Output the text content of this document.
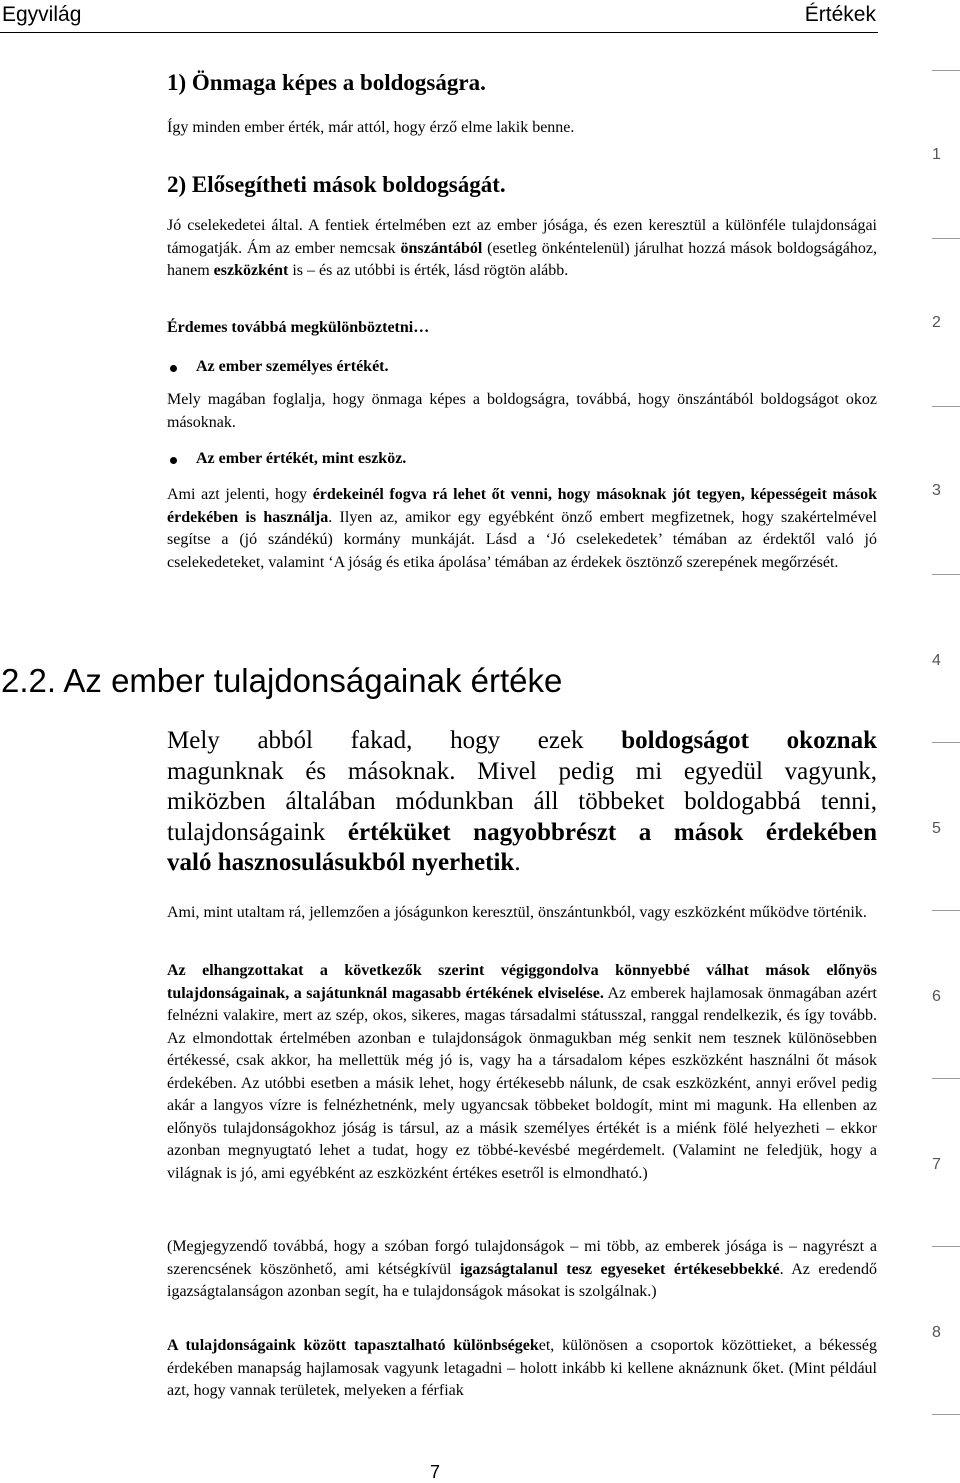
Egyvilág	Értékek
1) Önmaga képes a boldogságra.

Így minden ember érték, már attól, hogy érző elme lakik benne.

2) Elősegítheti mások boldogságát.

Jó cselekedetei által. A fentiek értelmében ezt az ember jósága, és ezen keresztül a különféle tulajdonságai támogatják. Ám az ember nemcsak önszántából (esetleg önkéntelenül) járulhat hozzá mások boldogságához, hanem eszközként is – és az utóbbi is érték, lásd rögtön alább.

Érdemes továbbá megkülönböztetni…

Az ember személyes értékét.

Mely magában foglalja, hogy önmaga képes a boldogságra, továbbá, hogy önszántából boldogságot okoz másoknak.

Az ember értékét, mint eszköz.

Ami azt jelenti, hogy érdekeinél fogva rá lehet őt venni, hogy másoknak jót tegyen, képességeit mások érdekében is használja. Ilyen az, amikor egy egyébként önző embert megfizetnek, hogy szakértelmével segítse a (jó szándékú) kormány munkáját. Lásd a ‘Jó cselekedetek’ témában az érdektől való jó cselekedeteket, valamint ‘A jóság és etika ápolása’ témában az érdekek ösztönző szerepének megőrzését.

2.2. Az ember tulajdonságainak értéke

Mely abból fakad, hogy ezek boldogságot okoznak
magunknak és másoknak. Mivel pedig mi egyedül vagyunk,
miközben általában módunkban áll többeket boldogabbá tenni,
tulajdonságaink értéküket nagyobbrészt a mások érdekében
való hasznosulásukból nyerhetik.

Ami, mint utaltam rá, jellemzően a jóságunkon keresztül, önszántunkból, vagy eszközként működve történik.

Az elhangzottakat a következők szerint végiggondolva könnyebbé válhat mások előnyös tulajdonságainak, a sajátunknál magasabb értékének elviselése. Az emberek hajlamosak önmagában azért felnézni valakire, mert az szép, okos, sikeres, magas társadalmi státusszal, ranggal rendelkezik, és így tovább. Az elmondottak értelmében azonban e tulajdonságok önmagukban még senkit nem tesznek különösebben értékessé, csak akkor, ha mellettük még jó is, vagy ha a társadalom képes eszközként használni őt mások érdekében. Az utóbbi esetben a másik lehet, hogy értékesebb nálunk, de csak eszközként, annyi erővel pedig akár a langyos vízre is felnézhetnénk, mely ugyancsak többeket boldogít, mint mi magunk. Ha ellenben az előnyös tulajdonságokhoz jóság is társul, az a másik személyes értékét is a miénk fölé helyezheti – ekkor azonban megnyugtató lehet a tudat, hogy ez többé-kevésbé megérdemelt. (Valamint ne feledjük, hogy a világnak is jó, ami egyébként az eszközként értékes esetről is elmondható.)

(Megjegyzendő továbbá, hogy a szóban forgó tulajdonságok – mi több, az emberek jósága is – nagyrészt a szerencsének köszönhető, ami kétségkívül igazságtalanul tesz egyeseket értékesebbekké. Az eredendő igazságtalanságon azonban segít, ha e tulajdonságok másokat is szolgálnak.)

A tulajdonságaink között tapasztalható különbségeket, különösen a csoportok közöttieket, a békesség érdekében manapság hajlamosak vagyunk letagadni – holott inkább ki kellene aknáznunk őket. (Mint például azt, hogy vannak területek, melyeken a férfiak

1
2
3
4
5
6
7
8
7
